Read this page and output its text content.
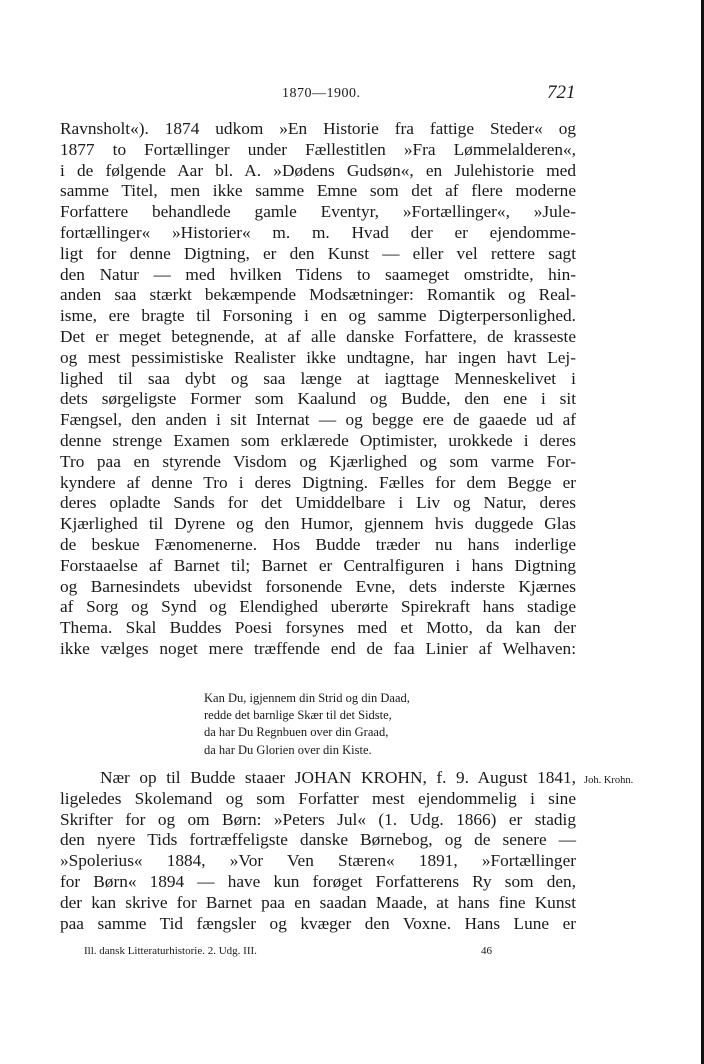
1870—1900.	721
Ravnsholt«). 1874 udkom »En Historie fra fattige Steder« og
1877 to Fortællinger under Fællestitlen »Fra Lømmelalderen«,
i de følgende Aar bl. A. »Dødens Gudsøn«, en Julehistorie med
samme Titel, men ikke samme Emne som det af flere moderne
Forfattere behandlede gamle Eventyr, »Fortællinger«, »Jule-
fortællinger« »Historier« m. m. Hvad der er ejendomme-
ligt for denne Digtning, er den Kunst — eller vel rettere sagt
den Natur — med hvilken Tidens to saameget omstridte, hin-
anden saa stærkt bekæmpende Modsætninger: Romantik og Real-
isme, ere bragte til Forsoning i en og samme Digterpersonlighed.
Det er meget betegnende, at af alle danske Forfattere, de krasseste
og mest pessimistiske Realister ikke undtagne, har ingen havt Lej-
lighed til saa dybt og saa længe at iagttage Menneskelivet i
dets sørgeligste Former som Kaalund og Budde, den ene i sit
Fængsel, den anden i sit Internat — og begge ere de gaaede ud af
denne strenge Examen som erklærede Optimister, urokkede i deres
Tro paa en styrende Visdom og Kjærlighed og som varme For-
kyndere af denne Tro i deres Digtning. Fælles for dem Begge er
deres opladte Sands for det Umiddelbare i Liv og Natur, deres
Kjærlighed til Dyrene og den Humor, gjennem hvis duggede Glas
de beskue Fænomenerne. Hos Budde træder nu hans inderlige
Forstaaelse af Barnet til; Barnet er Centralfiguren i hans Digtning
og Barnesindets ubevidst forsonende Evne, dets inderste Kjærnes
af Sorg og Synd og Elendighed uberørte Spirekraft hans stadige
Thema. Skal Buddes Poesi forsynes med et Motto, da kan der
ikke vælges noget mere træffende end de faa Linier af Welhaven:
Kan Du, igjennem din Strid og din Daad,
redde det barnlige Skær til det Sidste,
da har Du Regnbuen over din Graad,
da har Du Glorien over din Kiste.
Nær op til Budde staaer JOHAN KROHN, f. 9. August 1841,
ligeledes Skolemand og som Forfatter mest ejendommelig i sine
Skrifter for og om Børn: »Peters Jul« (1. Udg. 1866) er stadig
den nyere Tids fortræffeligste danske Børnebog, og de senere —
»Spolerius« 1884, »Vor Ven Stæren« 1891, »Fortællinger
for Børn« 1894 — have kun forøget Forfatterens Ry som den,
der kan skrive for Barnet paa en saadan Maade, at hans fine Kunst
paa samme Tid fængsler og kvæger den Voxne. Hans Lune er
Joh. Krohn.
Ill. dansk Litteraturhistorie. 2. Udg. III.	46
